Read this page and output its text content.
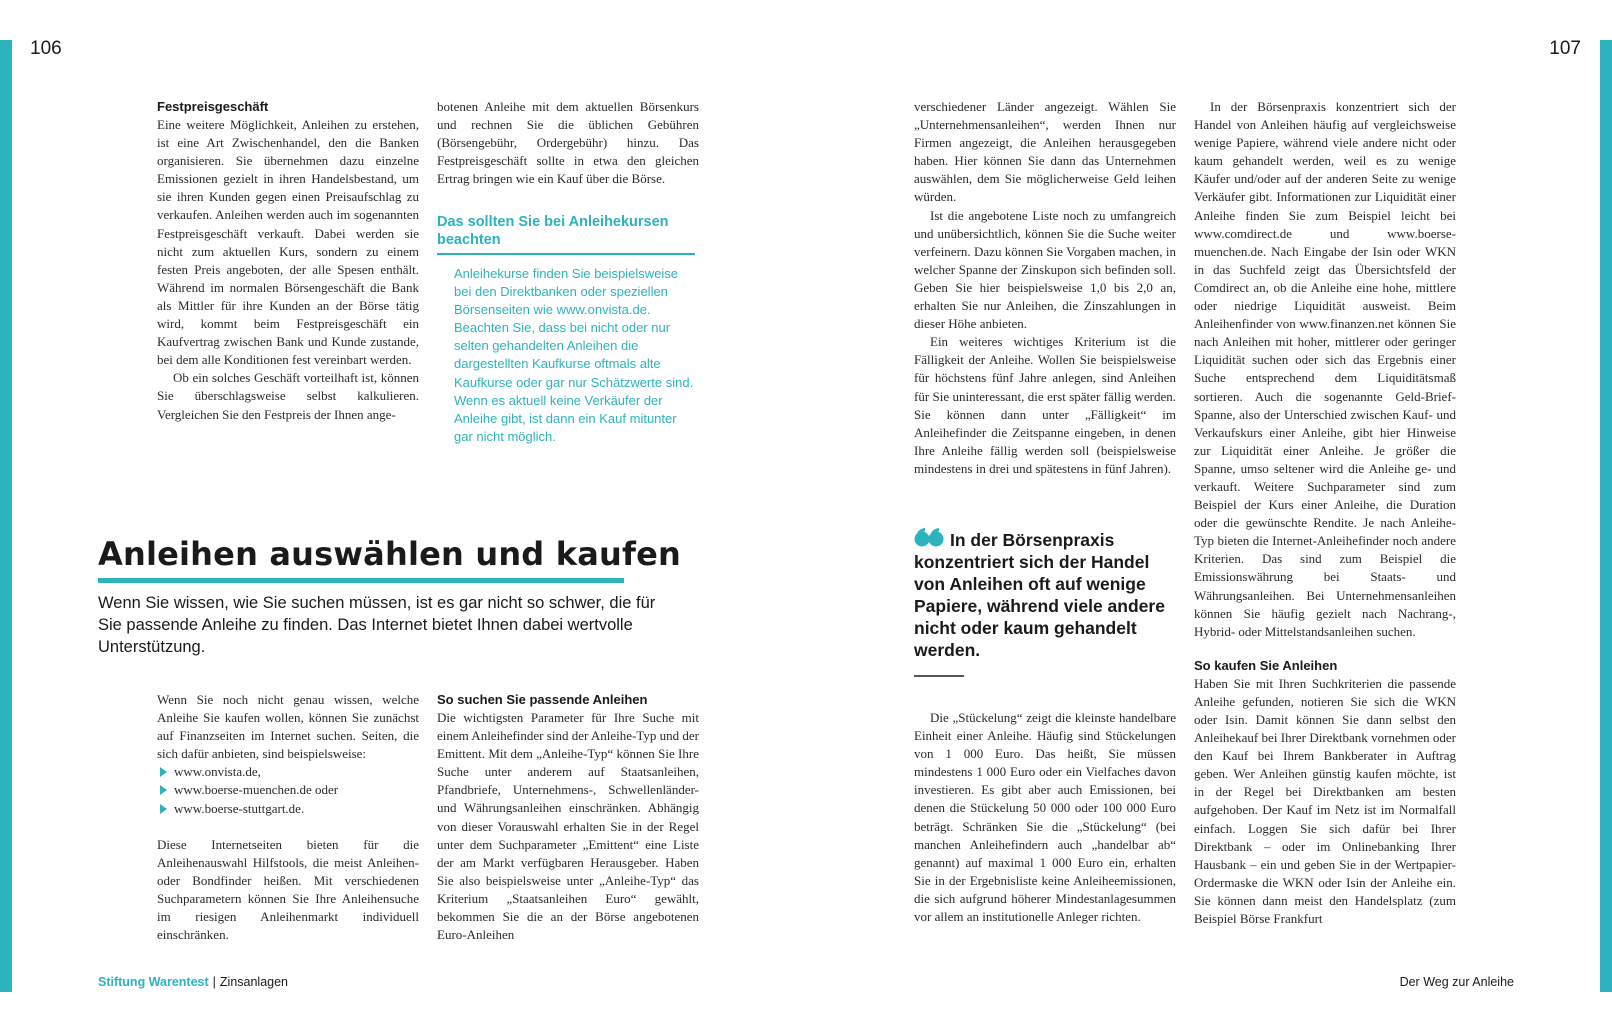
106	107
Festpreisgeschäft

Eine weitere Möglichkeit, Anleihen zu erstehen, ist eine Art Zwischenhandel, den die Banken organisieren. Sie übernehmen dazu einzelne Emissionen gezielt in ihren Handelsbestand, um sie ihren Kunden gegen einen Preisaufschlag zu verkaufen. Anleihen werden auch im sogenannten Festpreisgeschäft verkauft. Dabei werden sie nicht zum aktuellen Kurs, sondern zu einem festen Preis angeboten, der alle Spesen enthält. Während im normalen Börsengeschäft die Bank als Mittler für ihre Kunden an der Börse tätig wird, kommt beim Festpreisgeschäft ein Kaufvertrag zwischen Bank und Kunde zustande, bei dem alle Konditionen fest vereinbart werden.

Ob ein solches Geschäft vorteilhaft ist, können Sie überschlagsweise selbst kalkulieren. Vergleichen Sie den Festpreis der Ihnen ange-

botenen Anleihe mit dem aktuellen Börsenkurs und rechnen Sie die üblichen Gebühren (Börsengebühr, Ordergebühr) hinzu. Das Festpreisgeschäft sollte in etwa den gleichen Ertrag bringen wie ein Kauf über die Börse.

Das sollten Sie bei Anleihekursen beachten

Anleihekurse finden Sie beispielsweise bei den Direktbanken oder speziellen Börsenseiten wie www.onvista.de. Beachten Sie, dass bei nicht oder nur selten gehandelten Anleihen die dargestellten Kaufkurse oftmals alte Kaufkurse oder gar nur Schätzwerte sind. Wenn es aktuell keine Verkäufer der Anleihe gibt, ist dann ein Kauf mitunter gar nicht möglich.

Anleihen auswählen und kaufen

Wenn Sie wissen, wie Sie suchen müssen, ist es gar nicht so schwer, die für Sie passende Anleihe zu finden. Das Internet bietet Ihnen dabei wertvolle Unterstützung.

Wenn Sie noch nicht genau wissen, welche Anleihe Sie kaufen wollen, können Sie zunächst auf Finanzseiten im Internet suchen. Seiten, die sich dafür anbieten, sind beispielsweise:

www.onvista.de,
www.boerse-muenchen.de oder
www.boerse-stuttgart.de.

Diese Internetseiten bieten für die Anleihenauswahl Hilfstools, die meist Anleihen- oder Bondfinder heißen. Mit verschiedenen Suchparametern können Sie Ihre Anleihensuche im riesigen Anleihenmarkt individuell einschränken.

So suchen Sie passende Anleihen

Die wichtigsten Parameter für Ihre Suche mit einem Anleihefinder sind der Anleihe-Typ und der Emittent. Mit dem „Anleihe-Typ“ können Sie Ihre Suche unter anderem auf Staatsanleihen, Pfandbriefe, Unternehmens-, Schwellenländer- und Währungsanleihen einschränken. Abhängig von dieser Vorauswahl erhalten Sie in der Regel unter dem Suchparameter „Emittent“ eine Liste der am Markt verfügbaren Herausgeber. Haben Sie also beispielsweise unter „Anleihe-Typ“ das Kriterium „Staatsanleihen Euro“ gewählt, bekommen Sie die an der Börse angebotenen Euro-Anleihen

verschiedener Länder angezeigt. Wählen Sie „Unternehmensanleihen“, werden Ihnen nur Firmen angezeigt, die Anleihen herausgegeben haben. Hier können Sie dann das Unternehmen auswählen, dem Sie möglicherweise Geld leihen würden.

Ist die angebotene Liste noch zu umfangreich und unübersichtlich, können Sie die Suche weiter verfeinern. Dazu können Sie Vorgaben machen, in welcher Spanne der Zinskupon sich befinden soll. Geben Sie hier beispielsweise 1,0 bis 2,0 an, erhalten Sie nur Anleihen, die Zinszahlungen in dieser Höhe anbieten.

Ein weiteres wichtiges Kriterium ist die Fälligkeit der Anleihe. Wollen Sie beispielsweise für höchstens fünf Jahre anlegen, sind Anleihen für Sie uninteressant, die erst später fällig werden. Sie können dann unter „Fälligkeit“ im Anleihefinder die Zeitspanne eingeben, in denen Ihre Anleihe fällig werden soll (beispielsweise mindestens in drei und spätestens in fünf Jahren).

In der Börsenpraxis konzentriert sich der Handel von Anleihen oft auf wenige Papiere, während viele andere nicht oder kaum gehandelt werden.

Die „Stückelung“ zeigt die kleinste handelbare Einheit einer Anleihe. Häufig sind Stückelungen von 1 000 Euro. Das heißt, Sie müssen mindestens 1 000 Euro oder ein Vielfaches davon investieren. Es gibt aber auch Emissionen, bei denen die Stückelung 50 000 oder 100 000 Euro beträgt. Schränken Sie die „Stückelung“ (bei manchen Anleihefindern auch „handelbar ab“ genannt) auf maximal 1 000 Euro ein, erhalten Sie in der Ergebnisliste keine Anleiheemissionen, die sich aufgrund höherer Mindestanlagesummen vor allem an institutionelle Anleger richten.

In der Börsenpraxis konzentriert sich der Handel von Anleihen häufig auf vergleichsweise wenige Papiere, während viele andere nicht oder kaum gehandelt werden, weil es zu wenige Käufer und/oder auf der anderen Seite zu wenige Verkäufer gibt. Informationen zur Liquidität einer Anleihe finden Sie zum Beispiel leicht bei www.comdirect.de und www.boerse-muenchen.de. Nach Eingabe der Isin oder WKN in das Suchfeld zeigt das Übersichtsfeld der Comdirect an, ob die Anleihe eine hohe, mittlere oder niedrige Liquidität ausweist. Beim Anleihenfinder von www.finanzen.net können Sie nach Anleihen mit hoher, mittlerer oder geringer Liquidität suchen oder sich das Ergebnis einer Suche entsprechend dem Liquiditätsmaß sortieren. Auch die sogenannte Geld-Brief-Spanne, also der Unterschied zwischen Kauf- und Verkaufskurs einer Anleihe, gibt hier Hinweise zur Liquidität einer Anleihe. Je größer die Spanne, umso seltener wird die Anleihe ge- und verkauft. Weitere Suchparameter sind zum Beispiel der Kurs einer Anleihe, die Duration oder die gewünschte Rendite. Je nach Anleihe-Typ bieten die Internet-Anleihefinder noch andere Kriterien. Das sind zum Beispiel die Emissionswährung bei Staats- und Währungsanleihen. Bei Unternehmensanleihen können Sie häufig gezielt nach Nachrang-, Hybrid- oder Mittelstandsanleihen suchen.

So kaufen Sie Anleihen

Haben Sie mit Ihren Suchkriterien die passende Anleihe gefunden, notieren Sie sich die WKN oder Isin. Damit können Sie dann selbst den Anleihekauf bei Ihrer Direktbank vornehmen oder den Kauf bei Ihrem Bankberater in Auftrag geben. Wer Anleihen günstig kaufen möchte, ist in der Regel bei Direktbanken am besten aufgehoben. Der Kauf im Netz ist im Normalfall einfach. Loggen Sie sich dafür bei Ihrer Direktbank – oder im Onlinebanking Ihrer Hausbank – ein und geben Sie in der Wertpapier-Ordermaske die WKN oder Isin der Anleihe ein. Sie können dann meist den Handelsplatz (zum Beispiel Börse Frankfurt

Stiftung Warentest | Zinsanlagen	Der Weg zur Anleihe
